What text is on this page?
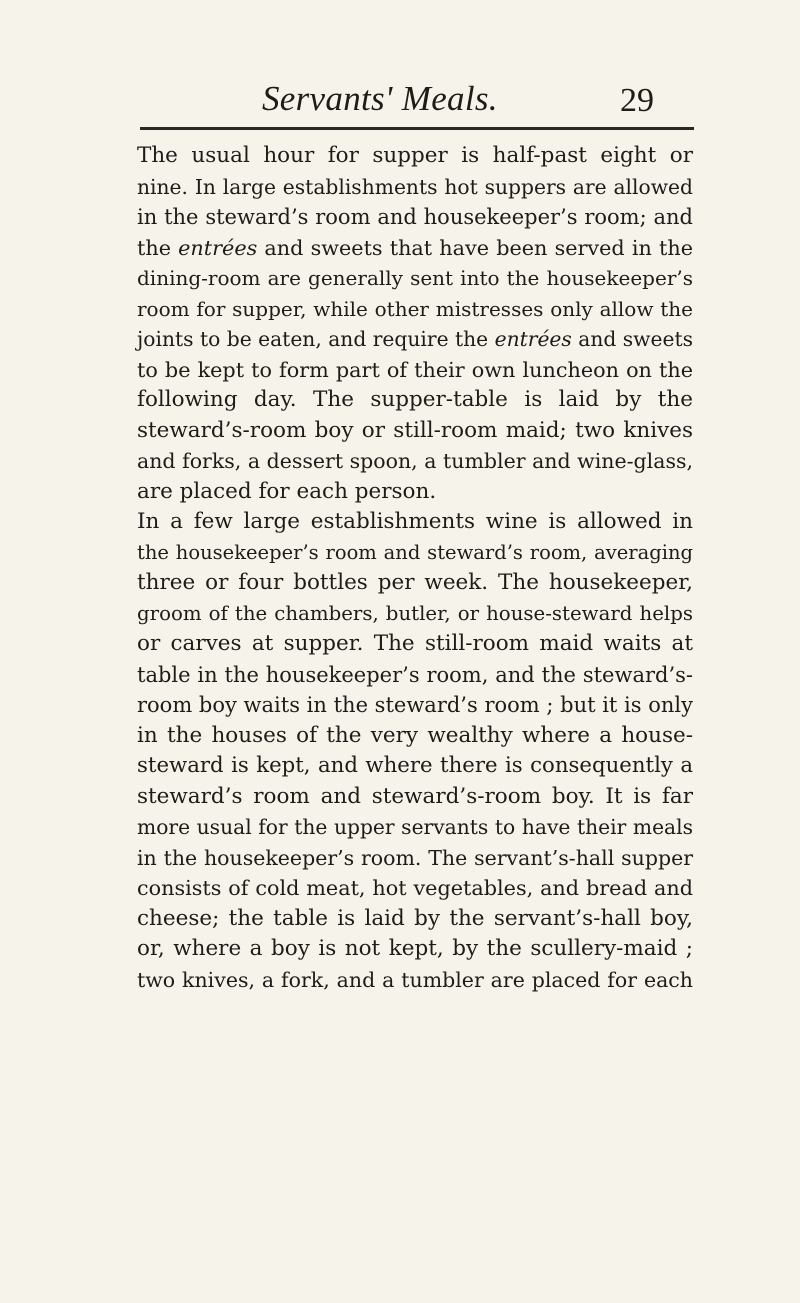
Servants' Meals.	29
The usual hour for supper is half-past eight or
nine. In large establishments hot suppers are allowed
in the steward’s room and housekeeper’s room; and
the entrées and sweets that have been served in the
dining-room are generally sent into the housekeeper’s
room for supper, while other mistresses only allow the
joints to be eaten, and require the entrées and sweets
to be kept to form part of their own luncheon on the
following day. The supper-table is laid by the
steward’s-room boy or still-room maid; two knives
and forks, a dessert spoon, a tumbler and wine-glass,
are placed for each person.
In a few large establishments wine is allowed in
the housekeeper’s room and steward’s room, averaging
three or four bottles per week. The housekeeper,
groom of the chambers, butler, or house-steward helps
or carves at supper. The still-room maid waits at
table in the housekeeper’s room, and the steward’s-
room boy waits in the steward’s room ; but it is only
in the houses of the very wealthy where a house-
steward is kept, and where there is consequently a
steward’s room and steward’s-room boy. It is far
more usual for the upper servants to have their meals
in the housekeeper’s room. The servant’s-hall supper
consists of cold meat, hot vegetables, and bread and
cheese; the table is laid by the servant’s-hall boy,
or, where a boy is not kept, by the scullery-maid ;
two knives, a fork, and a tumbler are placed for each
